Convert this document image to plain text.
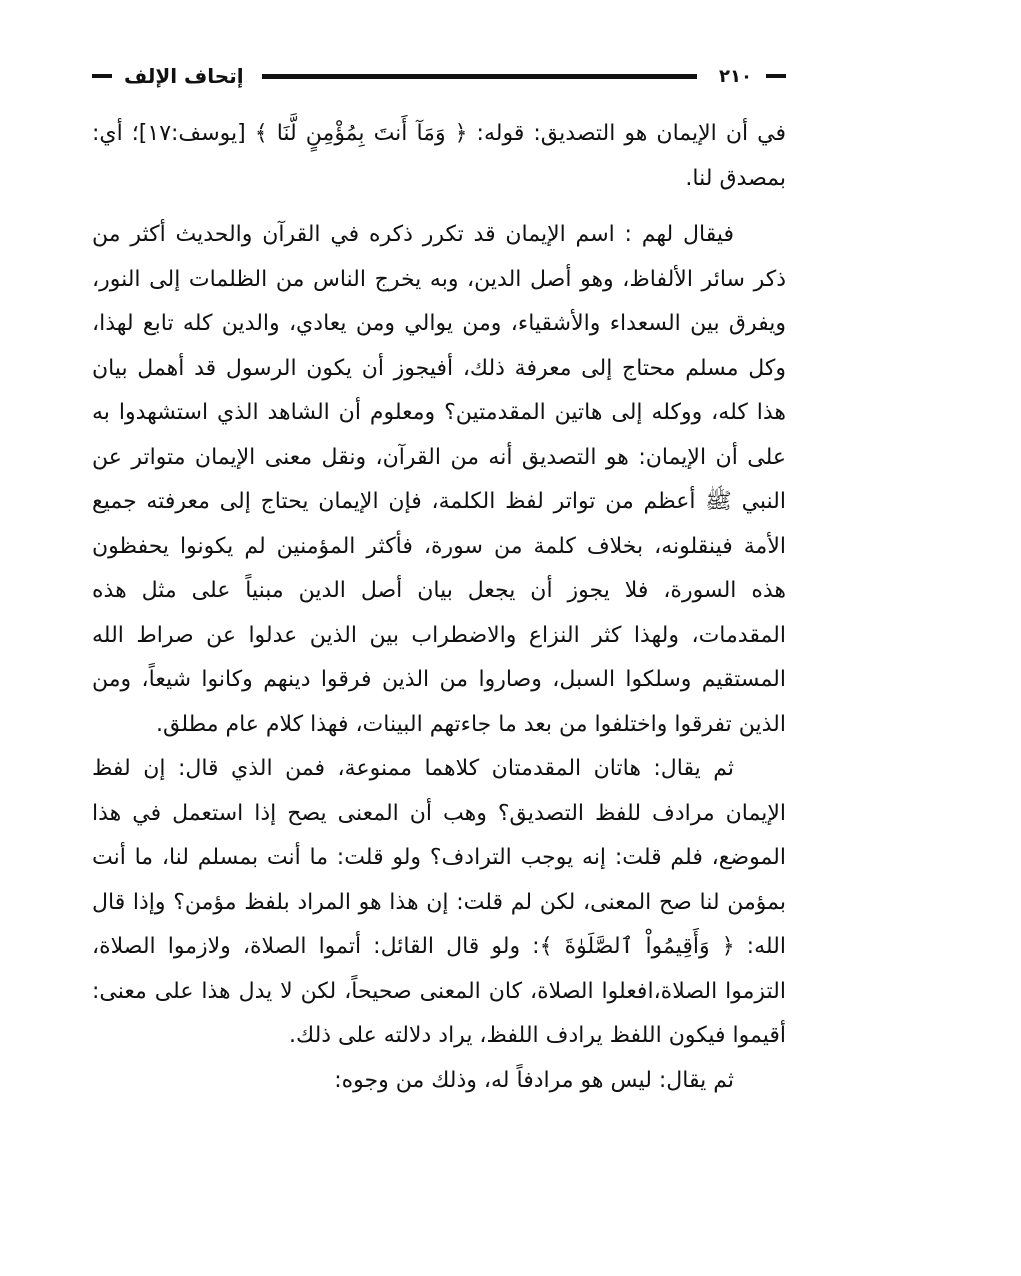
٢١٠
إتحاف الإلف

في أن الإيمان هو التصديق: قوله: ﴿ وَمَآ أَنتَ بِمُؤْمِنٍ لَّنَا ﴾ [يوسف:١٧]؛ أي: بمصدق لنا.

فيقال لهم : اسم الإيمان قد تكرر ذكره في القرآن والحديث أكثر من ذكر سائر الألفاظ، وهو أصل الدين، وبه يخرج الناس من الظلمات إلى النور، ويفرق بين السعداء والأشقياء، ومن يوالي ومن يعادي، والدين كله تابع لهذا، وكل مسلم محتاج إلى معرفة ذلك، أفيجوز أن يكون الرسول قد أهمل بيان هذا كله، ووكله إلى هاتين المقدمتين؟ ومعلوم أن الشاهد الذي استشهدوا به على أن الإيمان: هو التصديق أنه من القرآن، ونقل معنى الإيمان متواتر عن النبي ﷺ أعظم من تواتر لفظ الكلمة، فإن الإيمان يحتاج إلى معرفته جميع الأمة فينقلونه، بخلاف كلمة من سورة، فأكثر المؤمنين لم يكونوا يحفظون هذه السورة، فلا يجوز أن يجعل بيان أصل الدين مبنياً على مثل هذه المقدمات، ولهذا كثر النزاع والاضطراب بين الذين عدلوا عن صراط الله المستقيم وسلكوا السبل، وصاروا من الذين فرقوا دينهم وكانوا شيعاً، ومن الذين تفرقوا واختلفوا من بعد ما جاءتهم البينات، فهذا كلام عام مطلق.

ثم يقال: هاتان المقدمتان كلاهما ممنوعة، فمن الذي قال: إن لفظ الإيمان مرادف للفظ التصديق؟ وهب أن المعنى يصح إذا استعمل في هذا الموضع، فلم قلت: إنه يوجب الترادف؟ ولو قلت: ما أنت بمسلم لنا، ما أنت بمؤمن لنا صح المعنى، لكن لم قلت: إن هذا هو المراد بلفظ مؤمن؟ وإذا قال الله: ﴿ وَأَقِيمُواْ ٱلصَّلَوٰةَ ﴾: ولو قال القائل: أتموا الصلاة، ولازموا الصلاة، التزموا الصلاة،افعلوا الصلاة، كان المعنى صحيحاً، لكن لا يدل هذا على معنى: أقيموا فيكون اللفظ يرادف اللفظ، يراد دلالته على ذلك.

ثم يقال: ليس هو مرادفاً له، وذلك من وجوه:
